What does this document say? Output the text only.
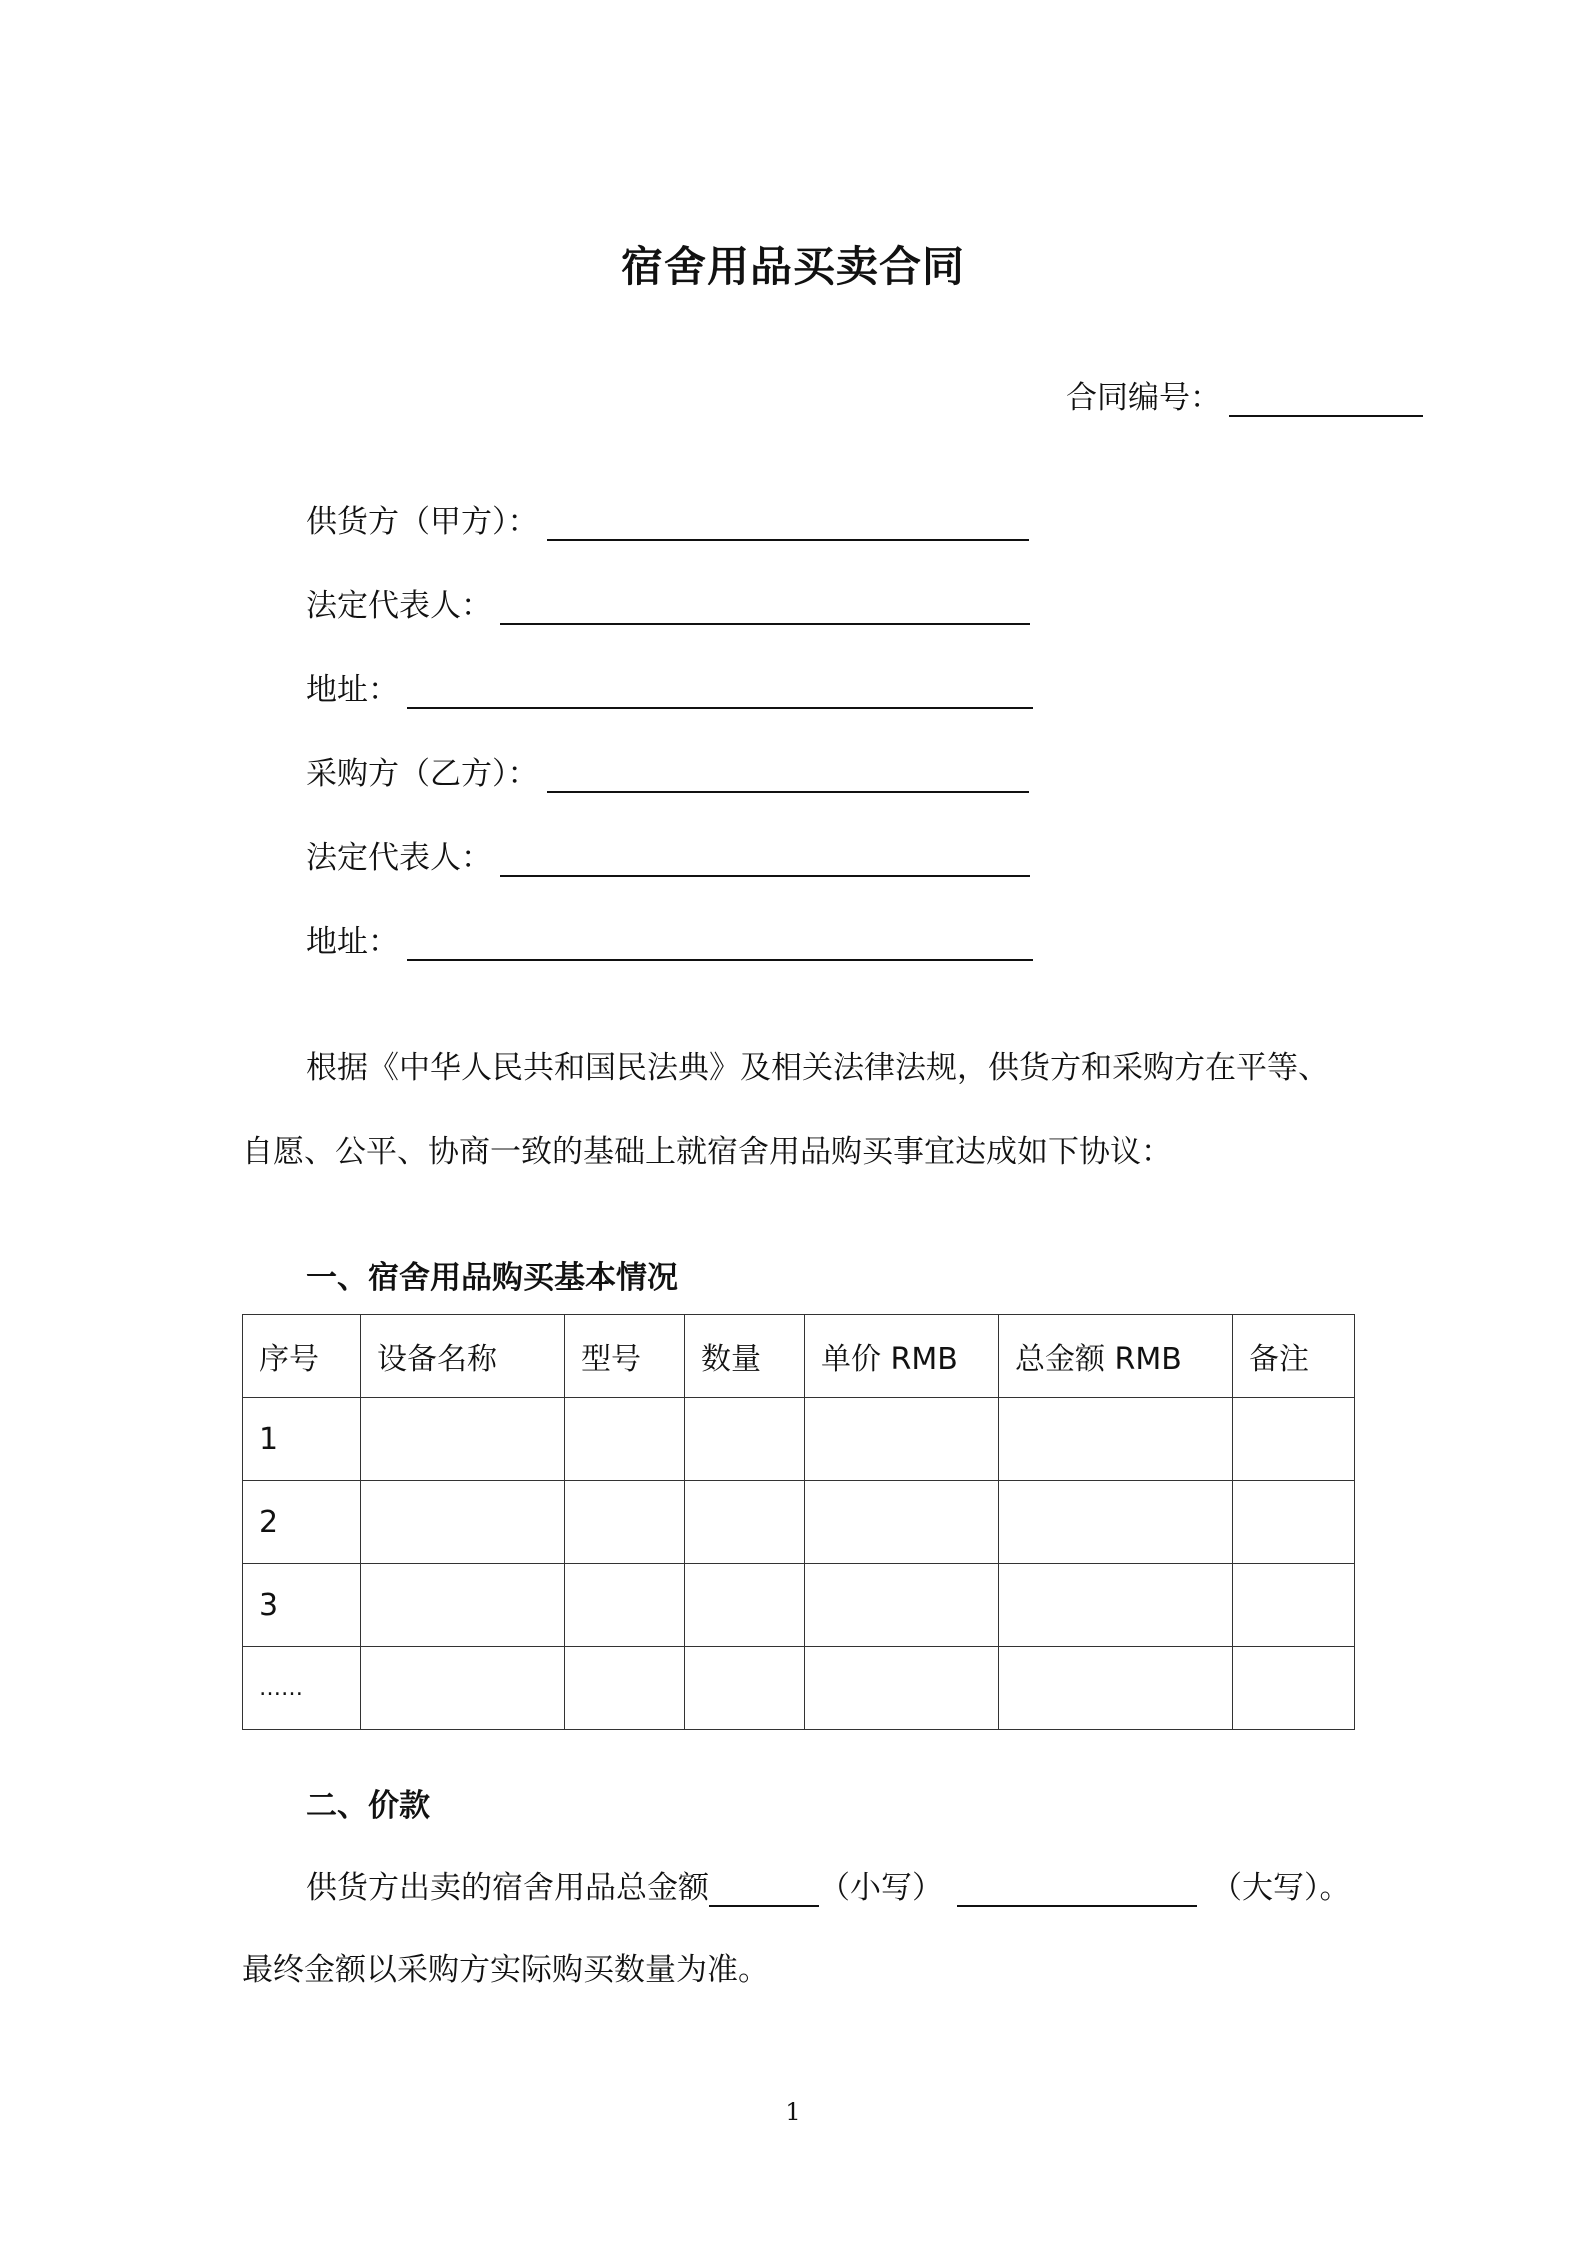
宿舍用品买卖合同
合同编号：
供货方（甲方）：
法定代表人：
地址：
采购方（乙方）：
法定代表人：
地址：
根据《中华人民共和国民法典》及相关法律法规，供货方和采购方在平等、
自愿、公平、协商一致的基础上就宿舍用品购买事宜达成如下协议：
一、宿舍用品购买基本情况
序号	设备名称	型号	数量	单价 RMB	总金额 RMB	备注
1						
2						
3						
……						
二、价款
供货方出卖的宿舍用品总金额	（小写）	（大写）。
最终金额以采购方实际购买数量为准。
1
